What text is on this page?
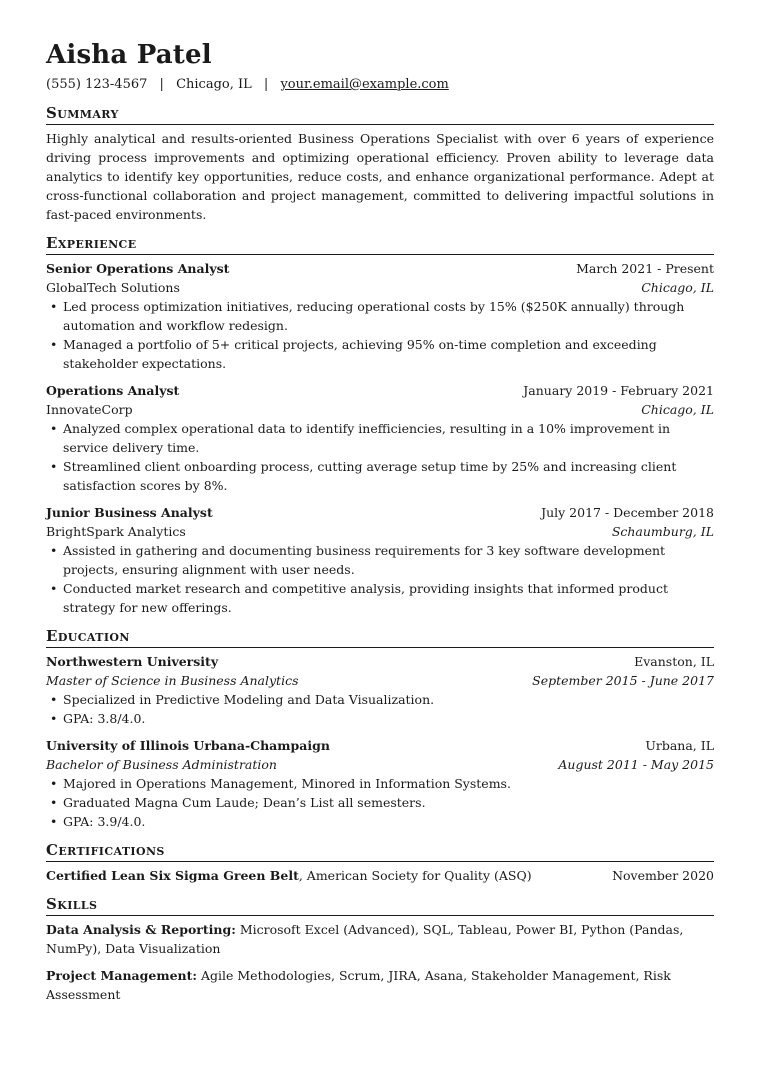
Aisha Patel
(555) 123-4567 | Chicago, IL | your.email@example.com
Summary
Highly analytical and results-oriented Business Operations Specialist with over 6 years of experience driving process improvements and optimizing operational efficiency. Proven ability to leverage data analytics to identify key opportunities, reduce costs, and enhance organizational performance. Adept at cross-functional collaboration and project management, committed to delivering impactful solutions in fast-paced environments.
Experience
Senior Operations Analyst	March 2021 - Present
GlobalTech Solutions	Chicago, IL
• Led process optimization initiatives, reducing operational costs by 15% ($250K annually) through automation and workflow redesign.
• Managed a portfolio of 5+ critical projects, achieving 95% on-time completion and exceeding stakeholder expectations.
Operations Analyst	January 2019 - February 2021
InnovateCorp	Chicago, IL
• Analyzed complex operational data to identify inefficiencies, resulting in a 10% improvement in service delivery time.
• Streamlined client onboarding process, cutting average setup time by 25% and increasing client satisfaction scores by 8%.
Junior Business Analyst	July 2017 - December 2018
BrightSpark Analytics	Schaumburg, IL
• Assisted in gathering and documenting business requirements for 3 key software development projects, ensuring alignment with user needs.
• Conducted market research and competitive analysis, providing insights that informed product strategy for new offerings.
Education
Northwestern University	Evanston, IL
Master of Science in Business Analytics	September 2015 - June 2017
• Specialized in Predictive Modeling and Data Visualization.
• GPA: 3.8/4.0.
University of Illinois Urbana-Champaign	Urbana, IL
Bachelor of Business Administration	August 2011 - May 2015
• Majored in Operations Management, Minored in Information Systems.
• Graduated Magna Cum Laude; Dean’s List all semesters.
• GPA: 3.9/4.0.
Certifications
Certified Lean Six Sigma Green Belt, American Society for Quality (ASQ)	November 2020
Skills
Data Analysis & Reporting: Microsoft Excel (Advanced), SQL, Tableau, Power BI, Python (Pandas, NumPy), Data Visualization
Project Management: Agile Methodologies, Scrum, JIRA, Asana, Stakeholder Management, Risk Assessment
